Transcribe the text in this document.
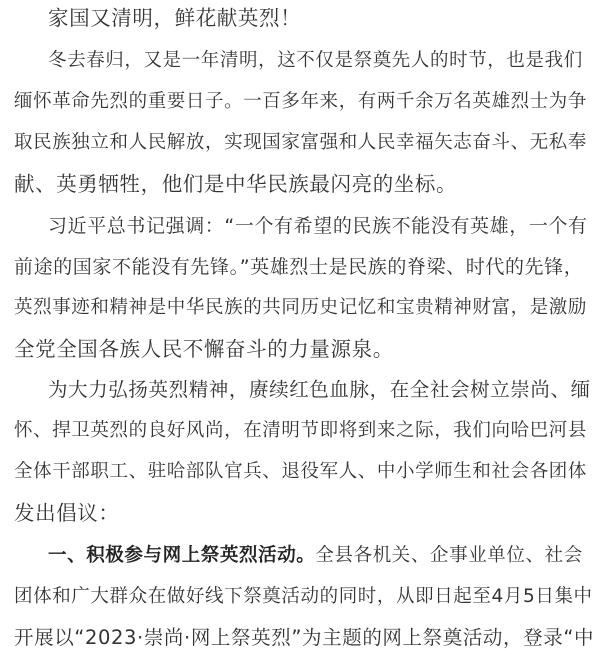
家国又清明，鲜花献英烈！
冬去春归，又是一年清明，这不仅是祭奠先人的时节，也是我们
缅怀革命先烈的重要日子。一百多年来，有两千余万名英雄烈士为争
取民族独立和人民解放，实现国家富强和人民幸福矢志奋斗、无私奉
献、英勇牺牲，他们是中华民族最闪亮的坐标。
习近平总书记强调：“一个有希望的民族不能没有英雄，一个有
前途的国家不能没有先锋。”英雄烈士是民族的脊梁、时代的先锋，
英烈事迹和精神是中华民族的共同历史记忆和宝贵精神财富，是激励
全党全国各族人民不懈奋斗的力量源泉。
为大力弘扬英烈精神，赓续红色血脉，在全社会树立崇尚、缅
怀、捍卫英烈的良好风尚，在清明节即将到来之际，我们向哈巴河县
全体干部职工、驻哈部队官兵、退役军人、中小学师生和社会各团体
发出倡议：
一、积极参与网上祭英烈活动。全县各机关、企事业单位、社会
团体和广大群众在做好线下祭奠活动的同时，从即日起至4月5日集中
开展以“2023·崇尚·网上祭英烈”为主题的网上祭奠活动，登录“中
